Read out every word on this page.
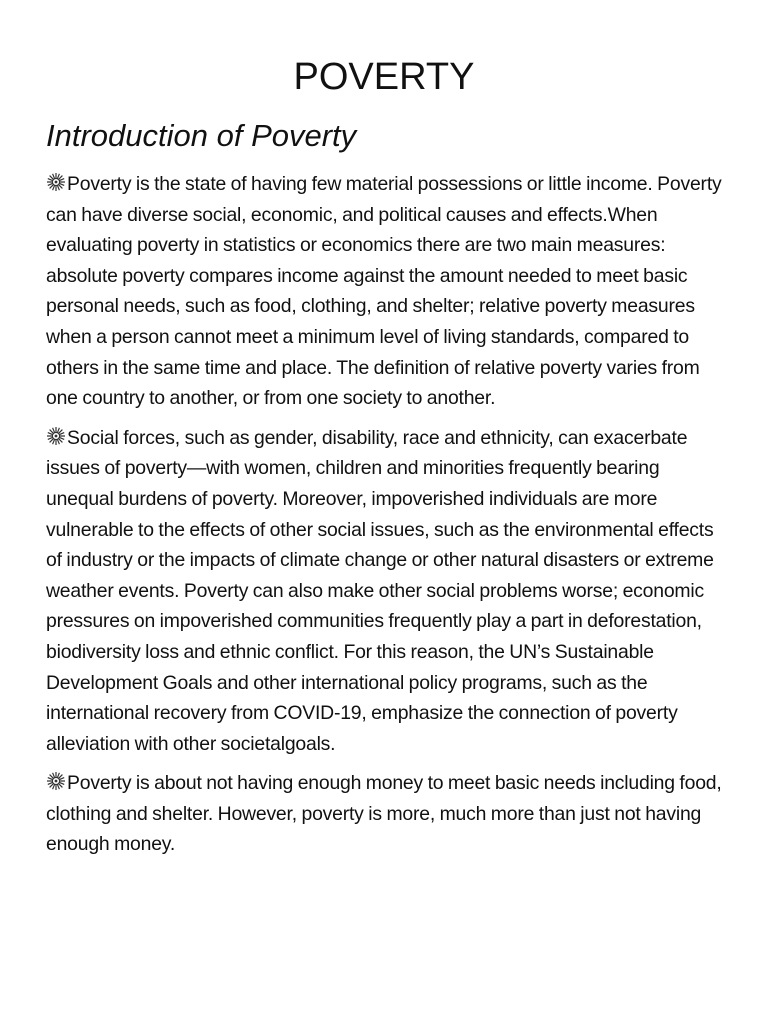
POVERTY
Introduction of Poverty

Poverty is the state of having few material possessions or little income. Poverty can have diverse social, economic, and political causes and effects.When evaluating poverty in statistics or economics there are two main measures: absolute poverty compares income against the amount needed to meet basic personal needs, such as food, clothing, and shelter; relative poverty measures when a person cannot meet a minimum level of living standards, compared to others in the same time and place. The definition of relative poverty varies from one country to another, or from one society to another.

Social forces, such as gender, disability, race and ethnicity, can exacerbate issues of poverty—with women, children and minorities frequently bearing unequal burdens of poverty. Moreover, impoverished individuals are more vulnerable to the effects of other social issues, such as the environmental effects of industry or the impacts of climate change or other natural disasters or extreme weather events. Poverty can also make other social problems worse; economic pressures on impoverished communities frequently play a part in deforestation, biodiversity loss and ethnic conflict. For this reason, the UN’s Sustainable Development Goals and other international policy programs, such as the international recovery from COVID-19, emphasize the connection of poverty alleviation with other societalgoals.

Poverty is about not having enough money to meet basic needs including food, clothing and shelter. However, poverty is more, much more than just not having enough money.
